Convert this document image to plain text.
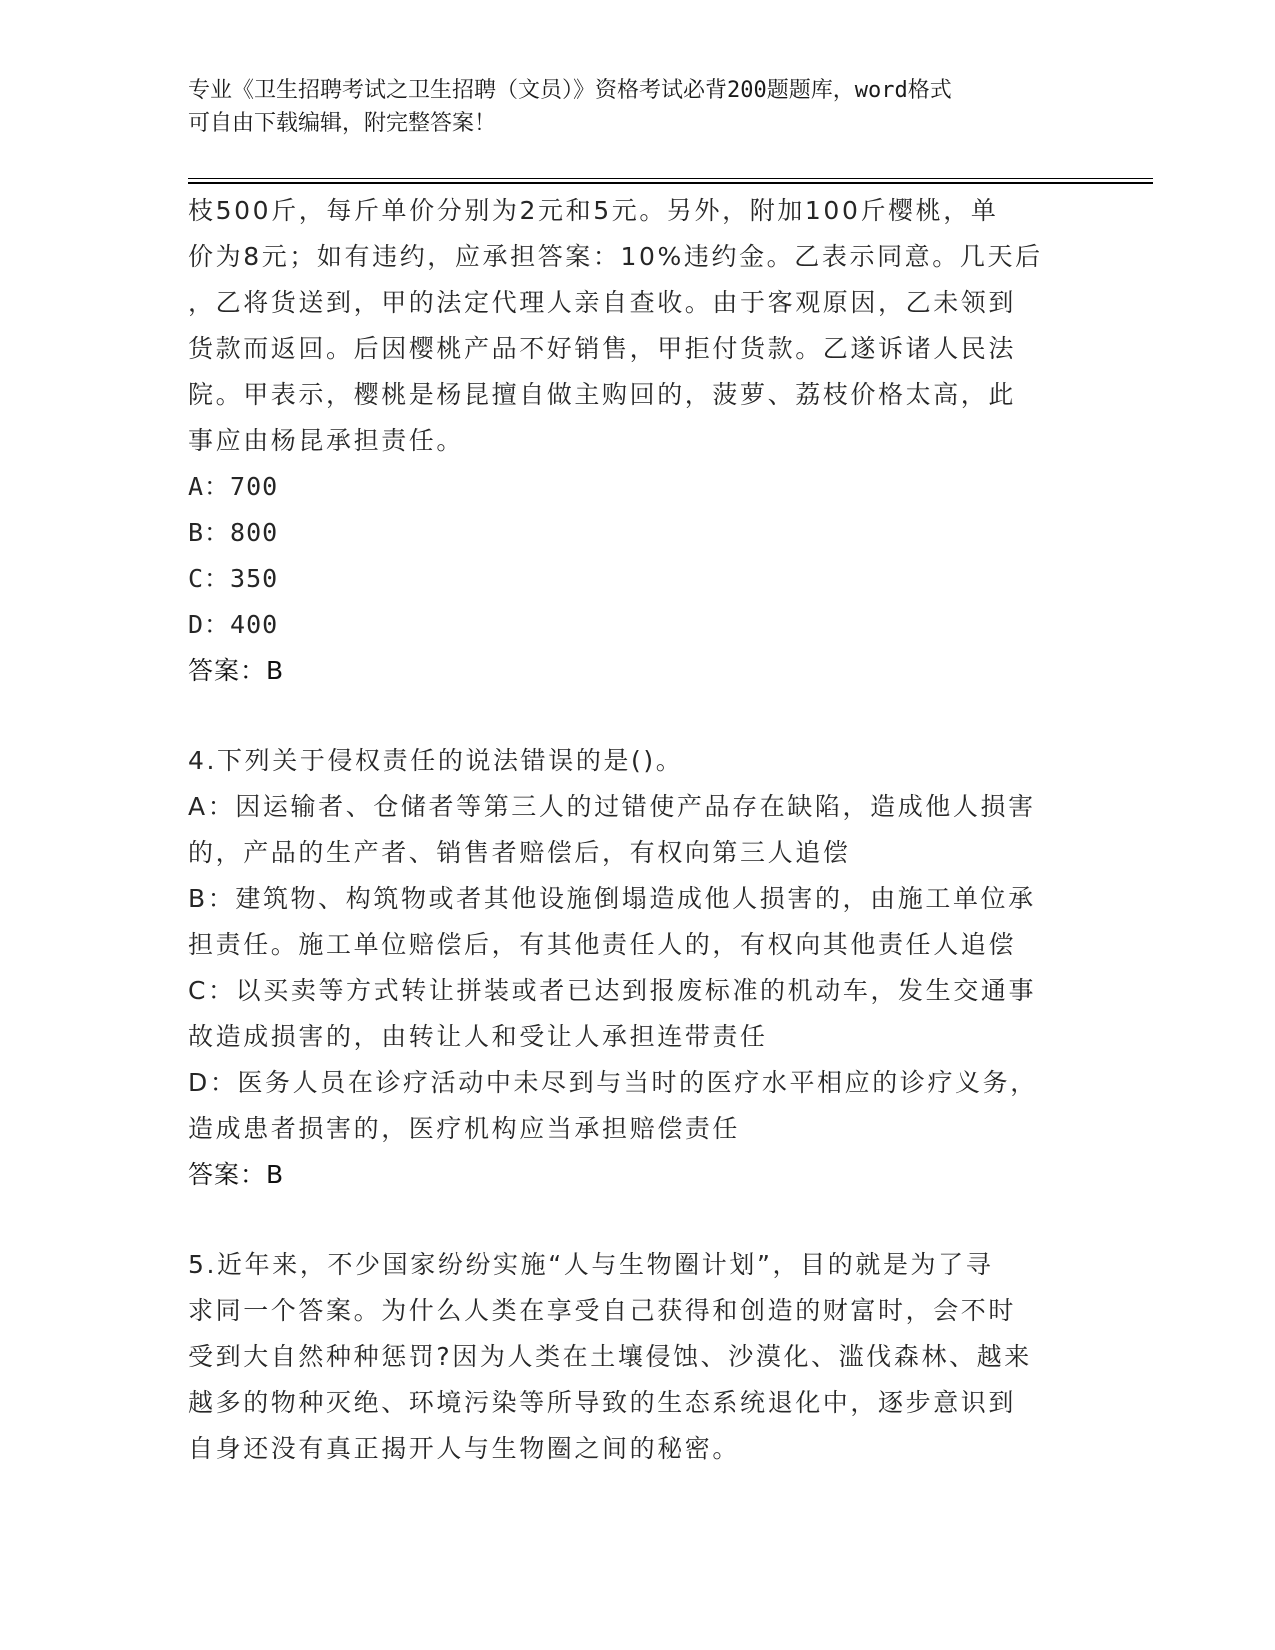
专业《卫生招聘考试之卫生招聘（文员）》资格考试必背200题题库，word格式
可自由下载编辑，附完整答案！
枝500斤，每斤单价分别为2元和5元。另外，附加100斤樱桃，单
价为8元；如有违约，应承担答案：10%违约金。乙表示同意。几天后
，乙将货送到，甲的法定代理人亲自查收。由于客观原因，乙未领到
货款而返回。后因樱桃产品不好销售，甲拒付货款。乙遂诉诸人民法
院。甲表示，樱桃是杨昆擅自做主购回的，菠萝、荔枝价格太高，此
事应由杨昆承担责任。
A：700
B：800
C：350
D：400
答案：B
4.下列关于侵权责任的说法错误的是()。
A：因运输者、仓储者等第三人的过错使产品存在缺陷，造成他人损害
的，产品的生产者、销售者赔偿后，有权向第三人追偿
B：建筑物、构筑物或者其他设施倒塌造成他人损害的，由施工单位承
担责任。施工单位赔偿后，有其他责任人的，有权向其他责任人追偿
C：以买卖等方式转让拼装或者已达到报废标准的机动车，发生交通事
故造成损害的，由转让人和受让人承担连带责任
D：医务人员在诊疗活动中未尽到与当时的医疗水平相应的诊疗义务，
造成患者损害的，医疗机构应当承担赔偿责任
答案：B
5.近年来，不少国家纷纷实施“人与生物圈计划”，目的就是为了寻
求同一个答案。为什么人类在享受自己获得和创造的财富时，会不时
受到大自然种种惩罚?因为人类在土壤侵蚀、沙漠化、滥伐森林、越来
越多的物种灭绝、环境污染等所导致的生态系统退化中，逐步意识到
自身还没有真正揭开人与生物圈之间的秘密。
